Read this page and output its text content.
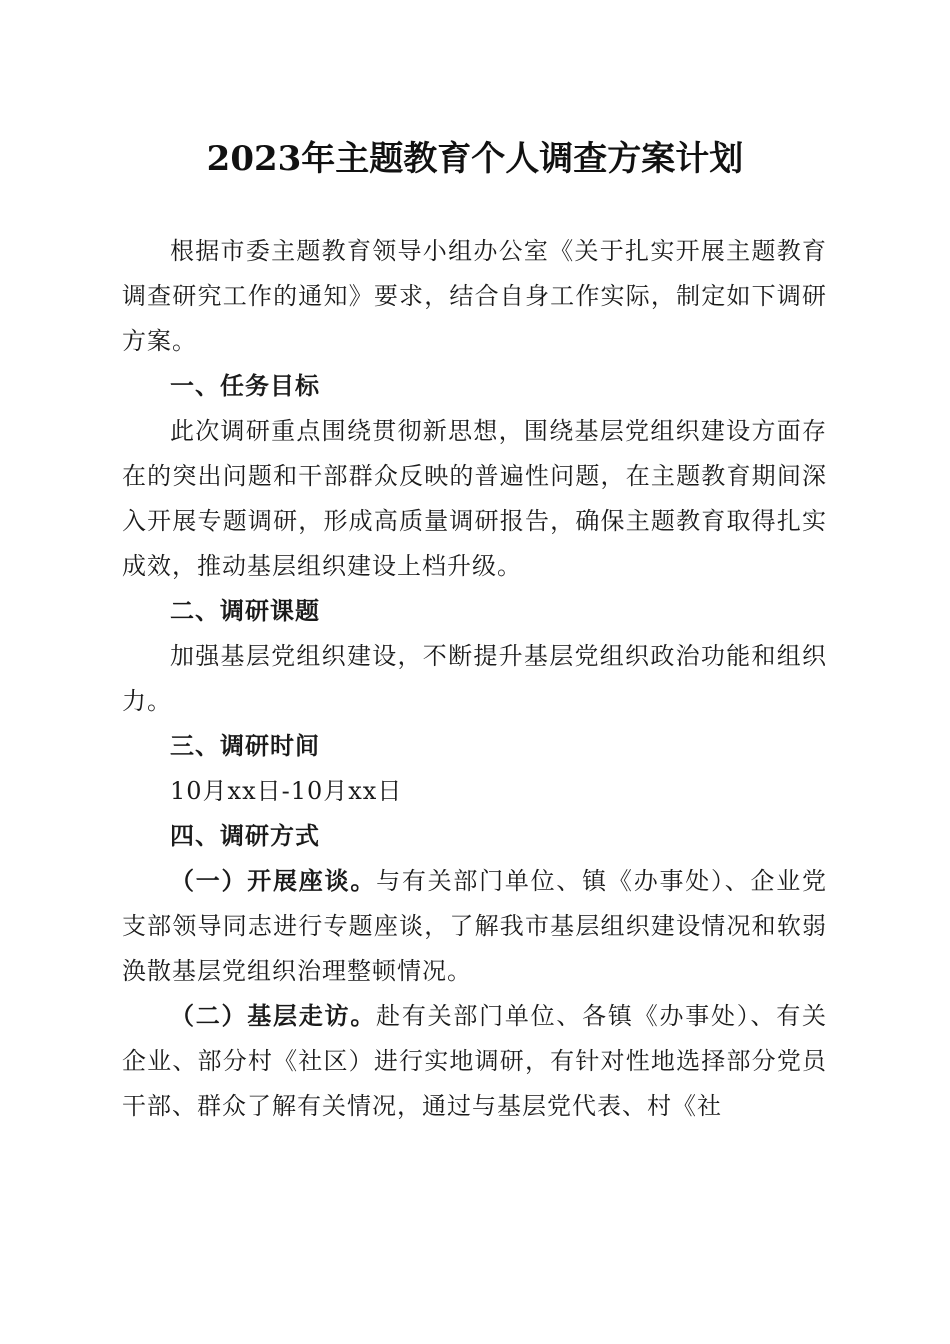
2023年主题教育个人调查方案计划

根据市委主题教育领导小组办公室《关于扎实开展主题教育调查研究工作的通知》要求，结合自身工作实际，制定如下调研方案。

一、任务目标

此次调研重点围绕贯彻新思想，围绕基层党组织建设方面存在的突出问题和干部群众反映的普遍性问题，在主题教育期间深入开展专题调研，形成高质量调研报告，确保主题教育取得扎实成效，推动基层组织建设上档升级。

二、调研课题

加强基层党组织建设，不断提升基层党组织政治功能和组织力。

三、调研时间

10月xx日-10月xx日

四、调研方式

（一）开展座谈。与有关部门单位、镇《办事处）、企业党支部领导同志进行专题座谈，了解我市基层组织建设情况和软弱涣散基层党组织治理整顿情况。

（二）基层走访。赴有关部门单位、各镇《办事处）、有关企业、部分村《社区）进行实地调研，有针对性地选择部分党员干部、群众了解有关情况，通过与基层党代表、村《社
